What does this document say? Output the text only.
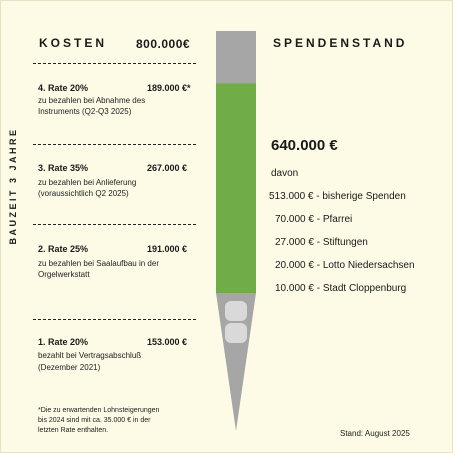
KOSTEN 800.000€	SPENDENSTAND
BAUZEIT 3 JAHRE
4. Rate 20%	189.000 €*
zu bezahlen bei Abnahme des
Instruments (Q2-Q3 2025)
3. Rate 35%	267.000 €
zu bezahlen bei Anlieferung
(voraussichtlich Q2 2025)
2. Rate 25%	191.000 €
zu bezahlen bei Saalaufbau in der
Orgelwerkstatt
1. Rate 20%	153.000 €
bezahlt bei Vertragsabschluß
(Dezember 2021)
*Die zu erwartenden Lohnsteigerungen
bis 2024 sind mit ca. 35.000 € in der
letzten Rate enthalten.
640.000 €
davon
513.000 € - bisherige Spenden
70.000 € - Pfarrei
27.000 € - Stiftungen
20.000 € - Lotto Niedersachsen
10.000 € - Stadt Cloppenburg
Stand: August 2025
